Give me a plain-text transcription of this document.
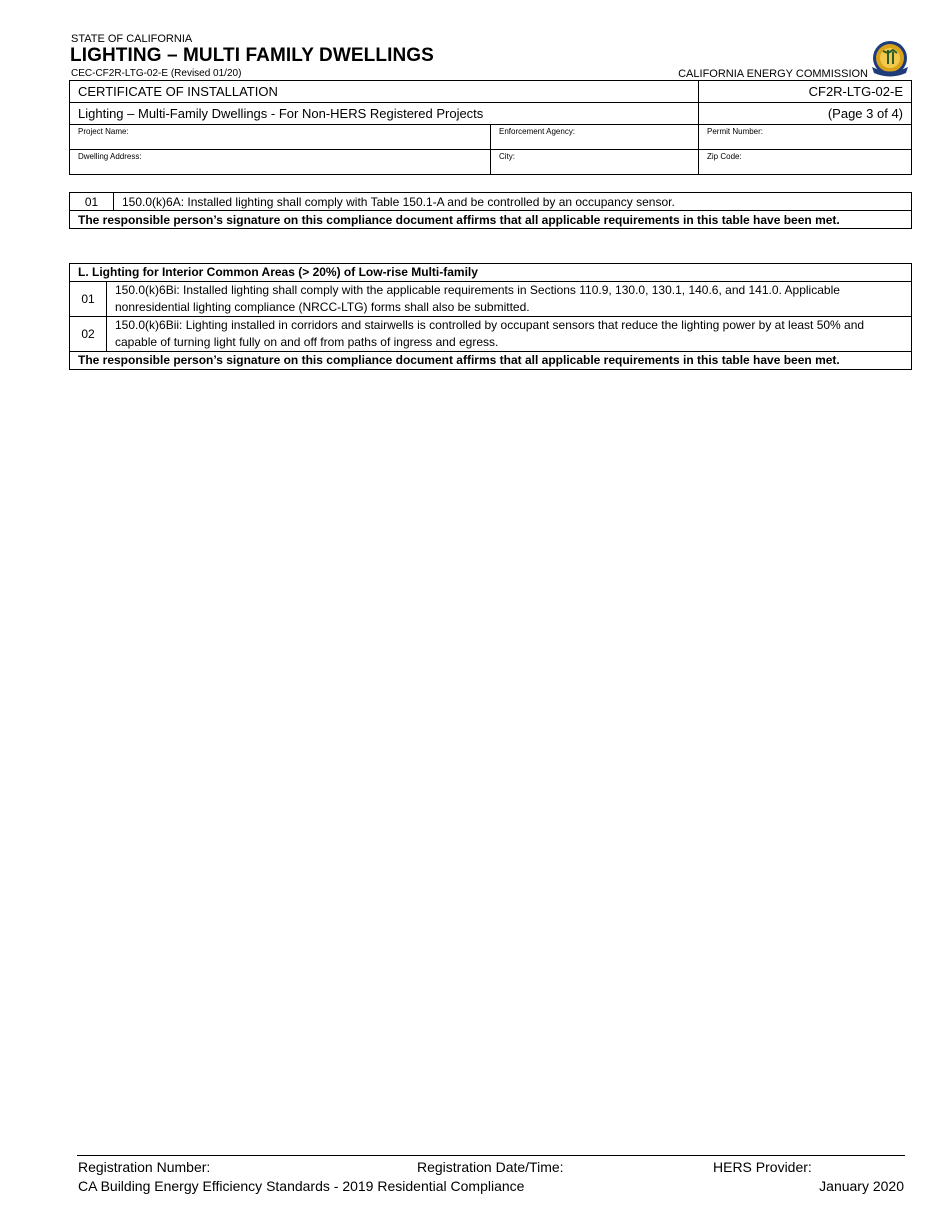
STATE OF CALIFORNIA
LIGHTING – MULTI FAMILY DWELLINGS
CEC-CF2R-LTG-02-E (Revised 01/20)	CALIFORNIA ENERGY COMMISSION
CERTIFICATE OF INSTALLATION		CF2R-LTG-02-E
Lighting – Multi-Family Dwellings - For Non-HERS Registered Projects		(Page 3 of 4)
Project Name:	Enforcement Agency:	Permit Number:
Dwelling Address:	City:	Zip Code:
01	150.0(k)6A: Installed lighting shall comply with Table 150.1-A and be controlled by an occupancy sensor.
The responsible person’s signature on this compliance document affirms that all applicable requirements in this table have been met.
L. Lighting for Interior Common Areas (> 20%) of Low-rise Multi-family	
01	150.0(k)6Bi: Installed lighting shall comply with the applicable requirements in Sections 110.9, 130.0, 130.1, 140.6, and 141.0. Applicable nonresidential lighting compliance (NRCC-LTG) forms shall also be submitted.
02	150.0(k)6Bii: Lighting installed in corridors and stairwells is controlled by occupant sensors that reduce the lighting power by at least 50% and capable of turning light fully on and off from paths of ingress and egress.
The responsible person’s signature on this compliance document affirms that all applicable requirements in this table have been met.	
Registration Number:	Registration Date/Time:	HERS Provider:
CA Building Energy Efficiency Standards - 2019 Residential Compliance	January 2020
